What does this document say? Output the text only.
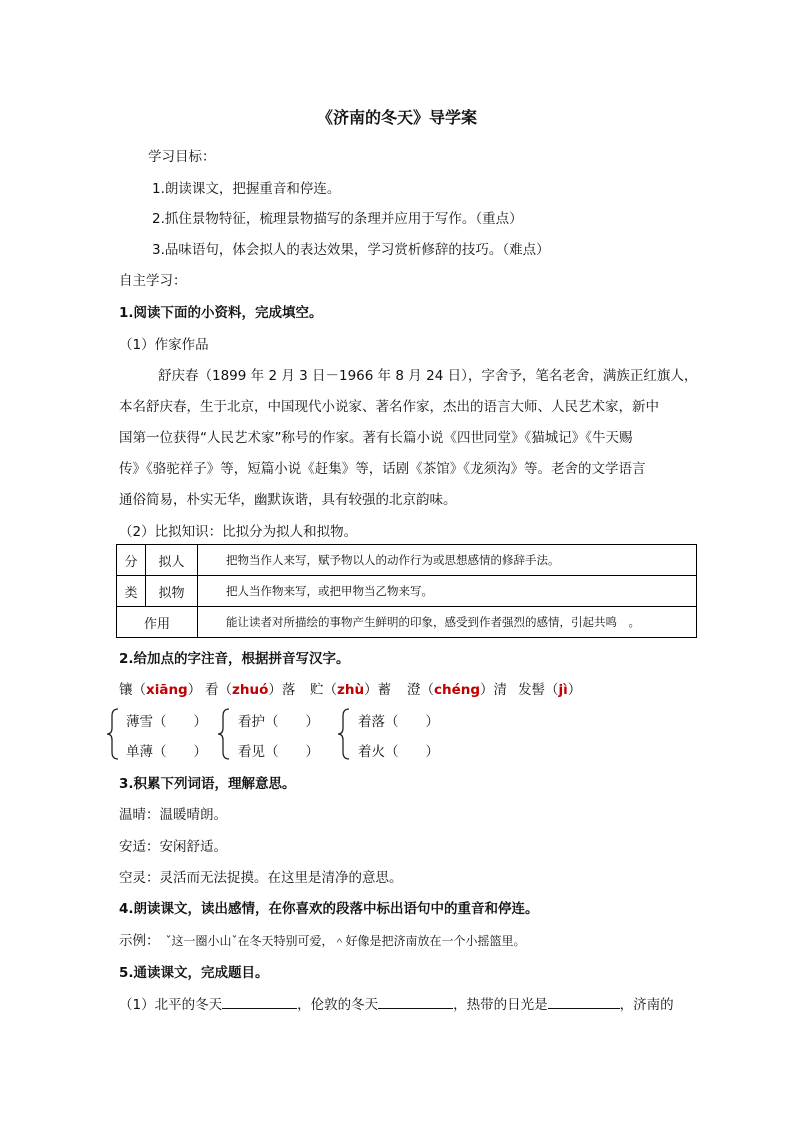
《济南的冬天》导学案
学习目标：
1.朗读课文，把握重音和停连。
2.抓住景物特征，梳理景物描写的条理并应用于写作。（重点）
3.品味语句，体会拟人的表达效果，学习赏析修辞的技巧。（难点）
自主学习：
1.阅读下面的小资料，完成填空。
（1）作家作品
舒庆春（1899 年 2 月 3 日－1966 年 8 月 24 日），字舍予，笔名老舍，满族正红旗人，
本名舒庆春，生于北京，中国现代小说家、著名作家，杰出的语言大师、人民艺术家，新中
国第一位获得“人民艺术家”称号的作家。著有长篇小说《四世同堂》《猫城记》《牛天赐
传》《骆驼祥子》等，短篇小说《赶集》等，话剧《茶馆》《龙须沟》等。老舍的文学语言
通俗简易，朴实无华，幽默诙谐，具有较强的北京韵味。
（2）比拟知识：比拟分为拟人和拟物。
分	拟人	把物当作人来写，赋予物以人的动作行为或思想感情的修辞手法。
类	拟物	把人当作物来写，或把甲物当乙物来写。
作用		能让读者对所描绘的事物产生鲜明的印象，感受到作者强烈的感情，引起共鸣　。
2.给加点的字注音，根据拼音写汉字。
镶（xiāng） 看（zhuó）落 贮（zhù）蓄 澄（chéng）清 发髻（jì）
薄雪（　　）
单薄（　　）
看护（　　）
看见（　　）
着落（　　）
着火（　　）
3.积累下列词语，理解意思。
温晴：温暖晴朗。
安适：安闲舒适。
空灵：灵活而无法捉摸。在这里是清净的意思。
4.朗读课文，读出感情，在你喜欢的段落中标出语句中的重音和停连。
示例： ˇ这一圈小山ˇ在冬天特别可爱，＾好像是把济南放在一个小摇篮里。
5.通读课文，完成题目。
（1）北平的冬天	，伦敦的冬天	，热带的日光是	，济南的
